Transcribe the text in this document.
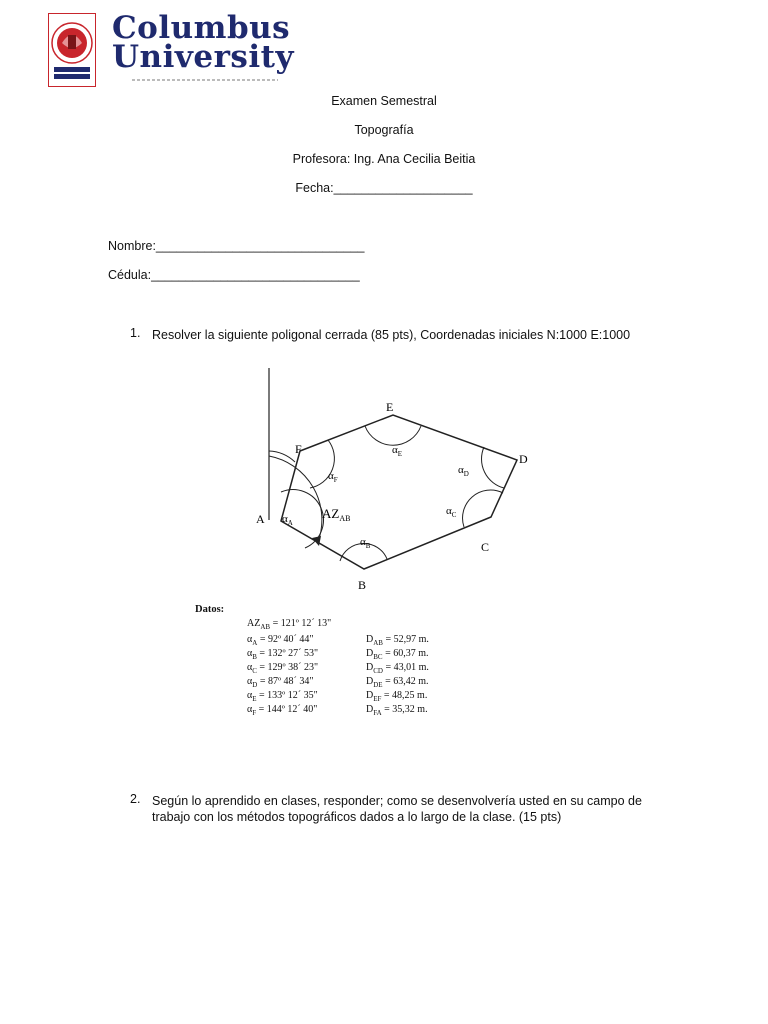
Columbus
University
Examen Semestral
Topografía
Profesora: Ing. Ana Cecilia Beitia
Fecha:____________________
Nombre:______________________________
Cédula:______________________________
1. Resolver la siguiente poligonal cerrada (85 pts), Coordenadas iniciales N:1000 E:1000
A
B
C
D
E
F
$\alpha_A$
$\alpha_B$
$\alpha_C$
$\alpha_D$
$\alpha_E$
$\alpha_F$
$AZ_{AB}$
Datos:
$AZ_{AB}$ = 121º 12´ 13"
$\alpha_A$ = 92º 40´ 44"
$\alpha_B$ = 132º 27´ 53"
$\alpha_C$ = 129º 38´ 23"
$\alpha_D$ = 87º 48´ 34"
$\alpha_E$ = 133º 12´ 35"
$\alpha_F$ = 144º 12´ 40"
$D_{AB} = 52,97$ m.
$D_{BC} = 60,37$ m.
$D_{CD} = 43,01$ m.
$D_{DE} = 63,42$ m.
$D_{EF} = 48,25$ m.
$D_{FA} = 35,32$ m.
2. Según lo aprendido en clases, responder; como se desenvolvería usted en su campo de
trabajo con los métodos topográficos dados a lo largo de la clase. (15 pts)
